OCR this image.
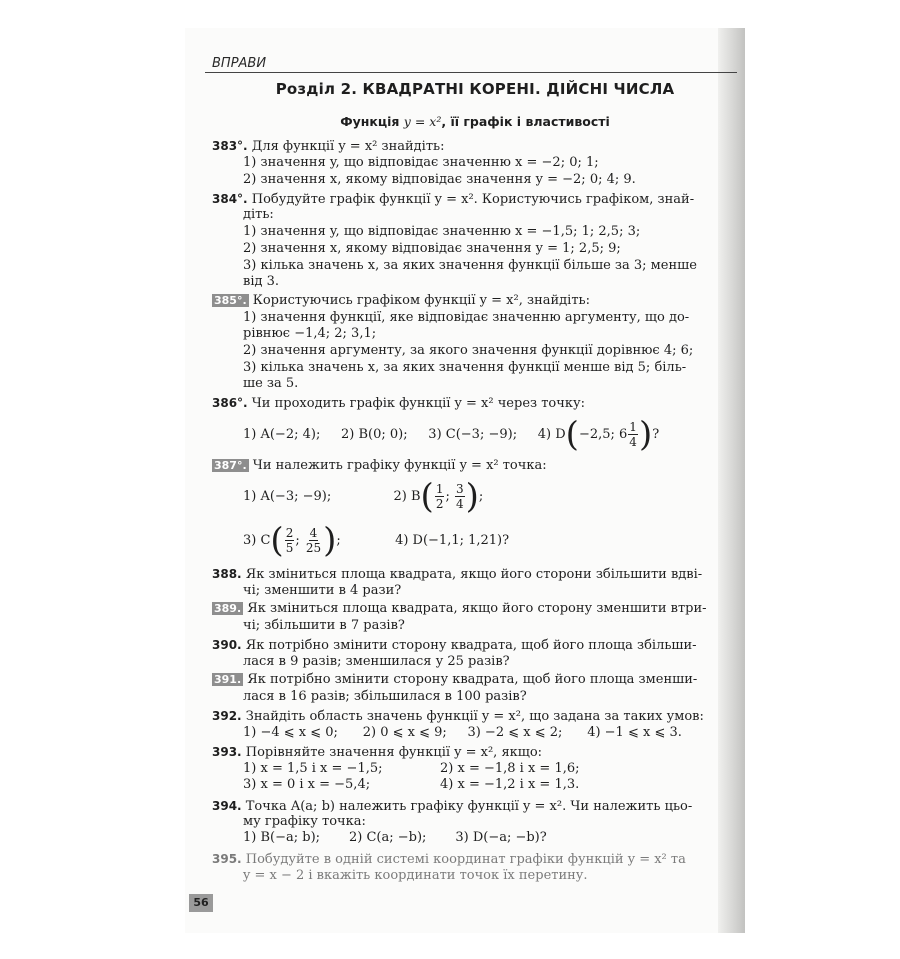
ВПРАВИ
Розділ 2. КВАДРАТНІ КОРЕНІ. ДІЙСНІ ЧИСЛА
Функція y = x², її графік і властивості
383°. Для функції y = x² знайдіть:
1) значення y, що відповідає значенню x = −2; 0; 1;
2) значення x, якому відповідає значення y = −2; 0; 4; 9.
384°. Побудуйте графік функції y = x². Користуючись графіком, знай-
діть:
1) значення y, що відповідає значенню x = −1,5; 1; 2,5; 3;
2) значення x, якому відповідає значення y = 1; 2,5; 9;
3) кілька значень x, за яких значення функції більше за 3; менше
від 3.
385°. Користуючись графіком функції y = x², знайдіть:
1) значення функції, яке відповідає значенню аргументу, що до-
рівнює −1,4; 2; 3,1;
2) значення аргументу, за якого значення функції дорівнює 4; 6;
3) кілька значень x, за яких значення функції менше від 5; біль-
ше за 5.
386°. Чи проходить графік функції y = x² через точку:
1) A(−2; 4); 2) B(0; 0); 3) C(−3; −9); 4) D(−2,5; $6 \frac{1}{4}$ )?
387°. Чи належить графіку функції y = x² точка:
1) A(−3; −9);	2) $B( \frac{1}{2}$ ; $\frac{3}{4}$ );
3) $C( \frac{2}{5}$ ; $\frac{4}{25}$ );	4) D(−1,1; 1,21)?
388. Як зміниться площа квадрата, якщо його сторони збільшити вдві-
чі; зменшити в 4 рази?
389. Як зміниться площа квадрата, якщо його сторону зменшити втри-
чі; збільшити в 7 разів?
390. Як потрібно змінити сторону квадрата, щоб його площа збільши-
лася в 9 разів; зменшилася у 25 разів?
391. Як потрібно змінити сторону квадрата, щоб його площа зменши-
лася в 16 разів; збільшилася в 100 разів?
392. Знайдіть область значень функції y = x², що задана за таких умов:
1) −4 ⩽ x ⩽ 0; 2) 0 ⩽ x ⩽ 9; 3) −2 ⩽ x ⩽ 2; 4) −1 ⩽ x ⩽ 3.
393. Порівняйте значення функції y = x², якщо:
1) x = 1,5 і x = −1,5;	2) x = −1,8 і x = 1,6;
3) x = 0 і x = −5,4;	4) x = −1,2 і x = 1,3.
394. Точка A(a; b) належить графіку функції y = x². Чи належить цьо-
му графіку точка:
1) B(−a; b); 2) C(a; −b); 3) D(−a; −b)?
395. Побудуйте в одній системі координат графіки функцій y = x² та
y = x − 2 і вкажіть координати точок їх перетину.
56
